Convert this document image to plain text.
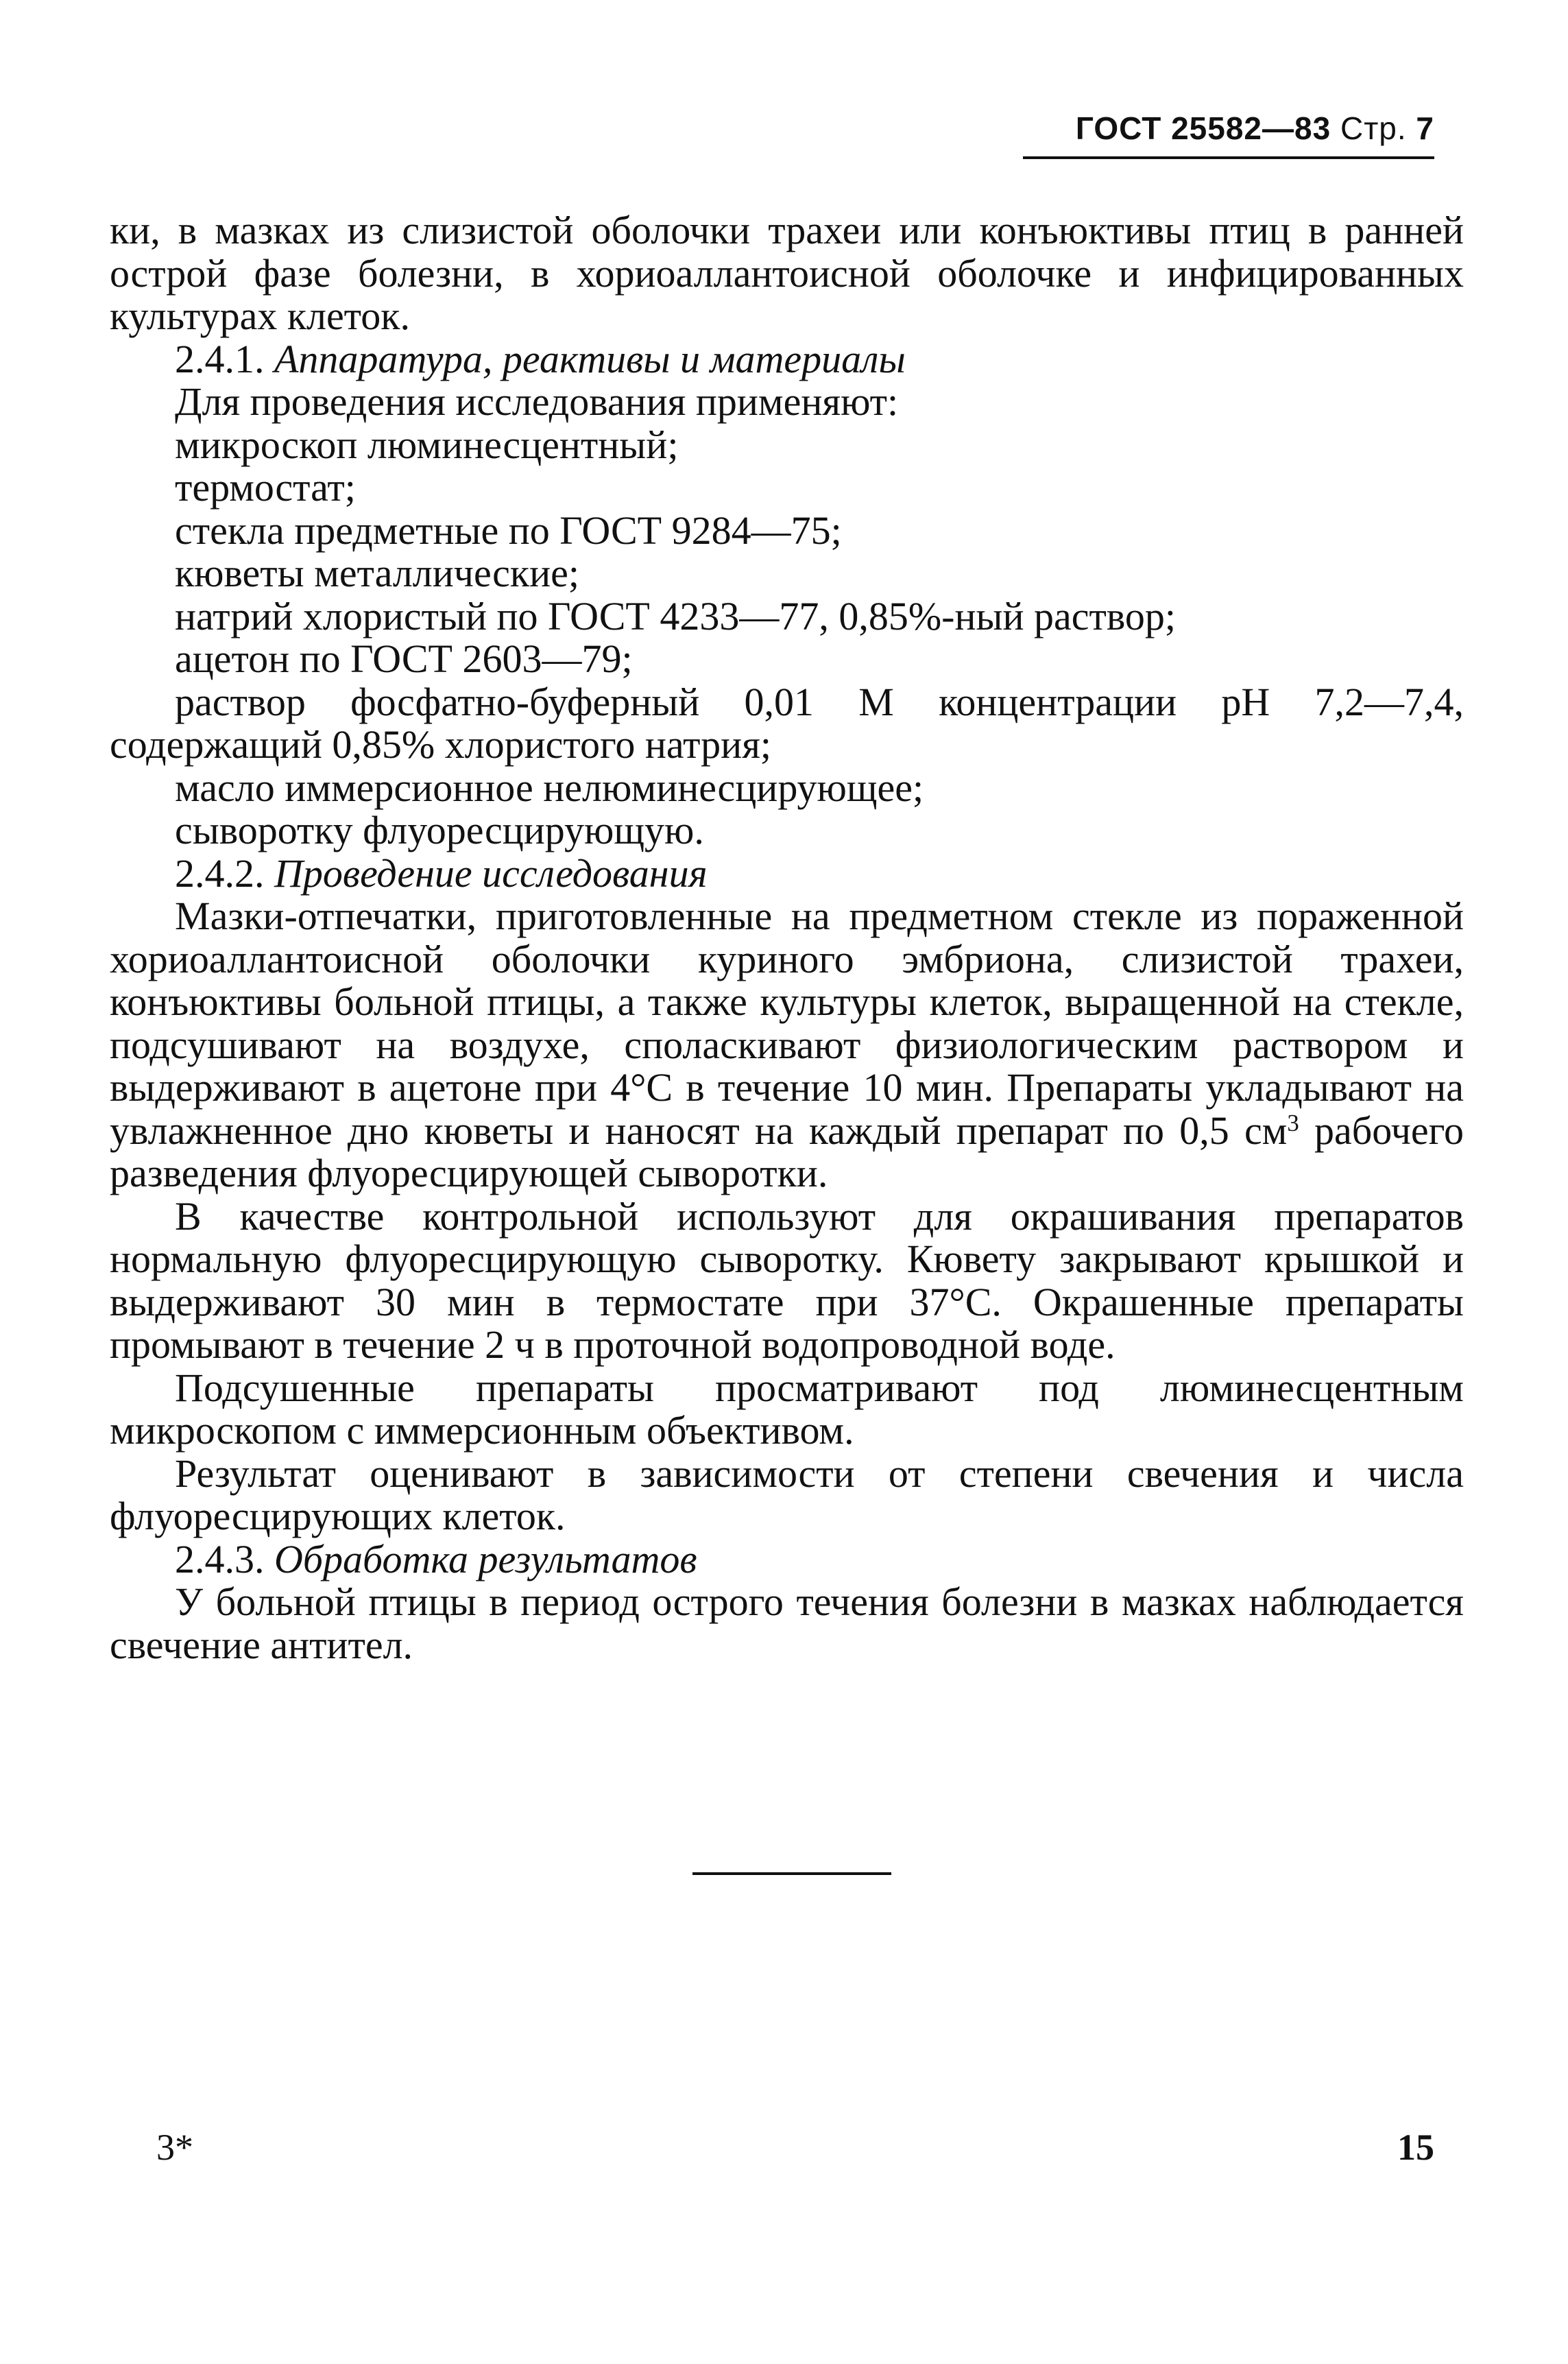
ГОСТ 25582—83 Стр. 7

ки, в мазках из слизистой оболочки трахеи или конъюктивы птиц в ранней острой фазе болезни, в хориоаллантоисной оболочке и инфицированных культурах клеток.

2.4.1. Аппаратура, реактивы и материалы

Для проведения исследования применяют:

микроскоп люминесцентный;

термостат;

стекла предметные по ГОСТ 9284—75;

кюветы металлические;

натрий хлористый по ГОСТ 4233—77, 0,85%-ный раствор;

ацетон по ГОСТ 2603—79;

раствор фосфатно-буферный 0,01 М концентрации рН 7,2—7,4, содержащий 0,85% хлористого натрия;

масло иммерсионное нелюминесцирующее;

сыворотку флуоресцирующую.

2.4.2. Проведение исследования

Мазки-отпечатки, приготовленные на предметном стекле из пораженной хориоаллантоисной оболочки куриного эмбриона, слизистой трахеи, конъюктивы больной птицы, а также культуры клеток, выращенной на стекле, подсушивают на воздухе, споласкивают физиологическим раствором и выдерживают в ацетоне при 4°С в течение 10 мин. Препараты укладывают на увлажненное дно кюветы и наносят на каждый препарат по 0,5 $см^3$ рабочего разведения флуоресцирующей сыворотки.

В качестве контрольной используют для окрашивания препаратов нормальную флуоресцирующую сыворотку. Кювету закрывают крышкой и выдерживают 30 мин в термостате при 37°С. Окрашенные препараты промывают в течение 2 ч в проточной водопроводной воде.

Подсушенные препараты просматривают под люминесцентным микроскопом с иммерсионным объективом.

Результат оценивают в зависимости от степени свечения и числа флуоресцирующих клеток.

2.4.3. Обработка результатов

У больной птицы в период острого течения болезни в мазках наблюдается свечение антител.

3*	15
